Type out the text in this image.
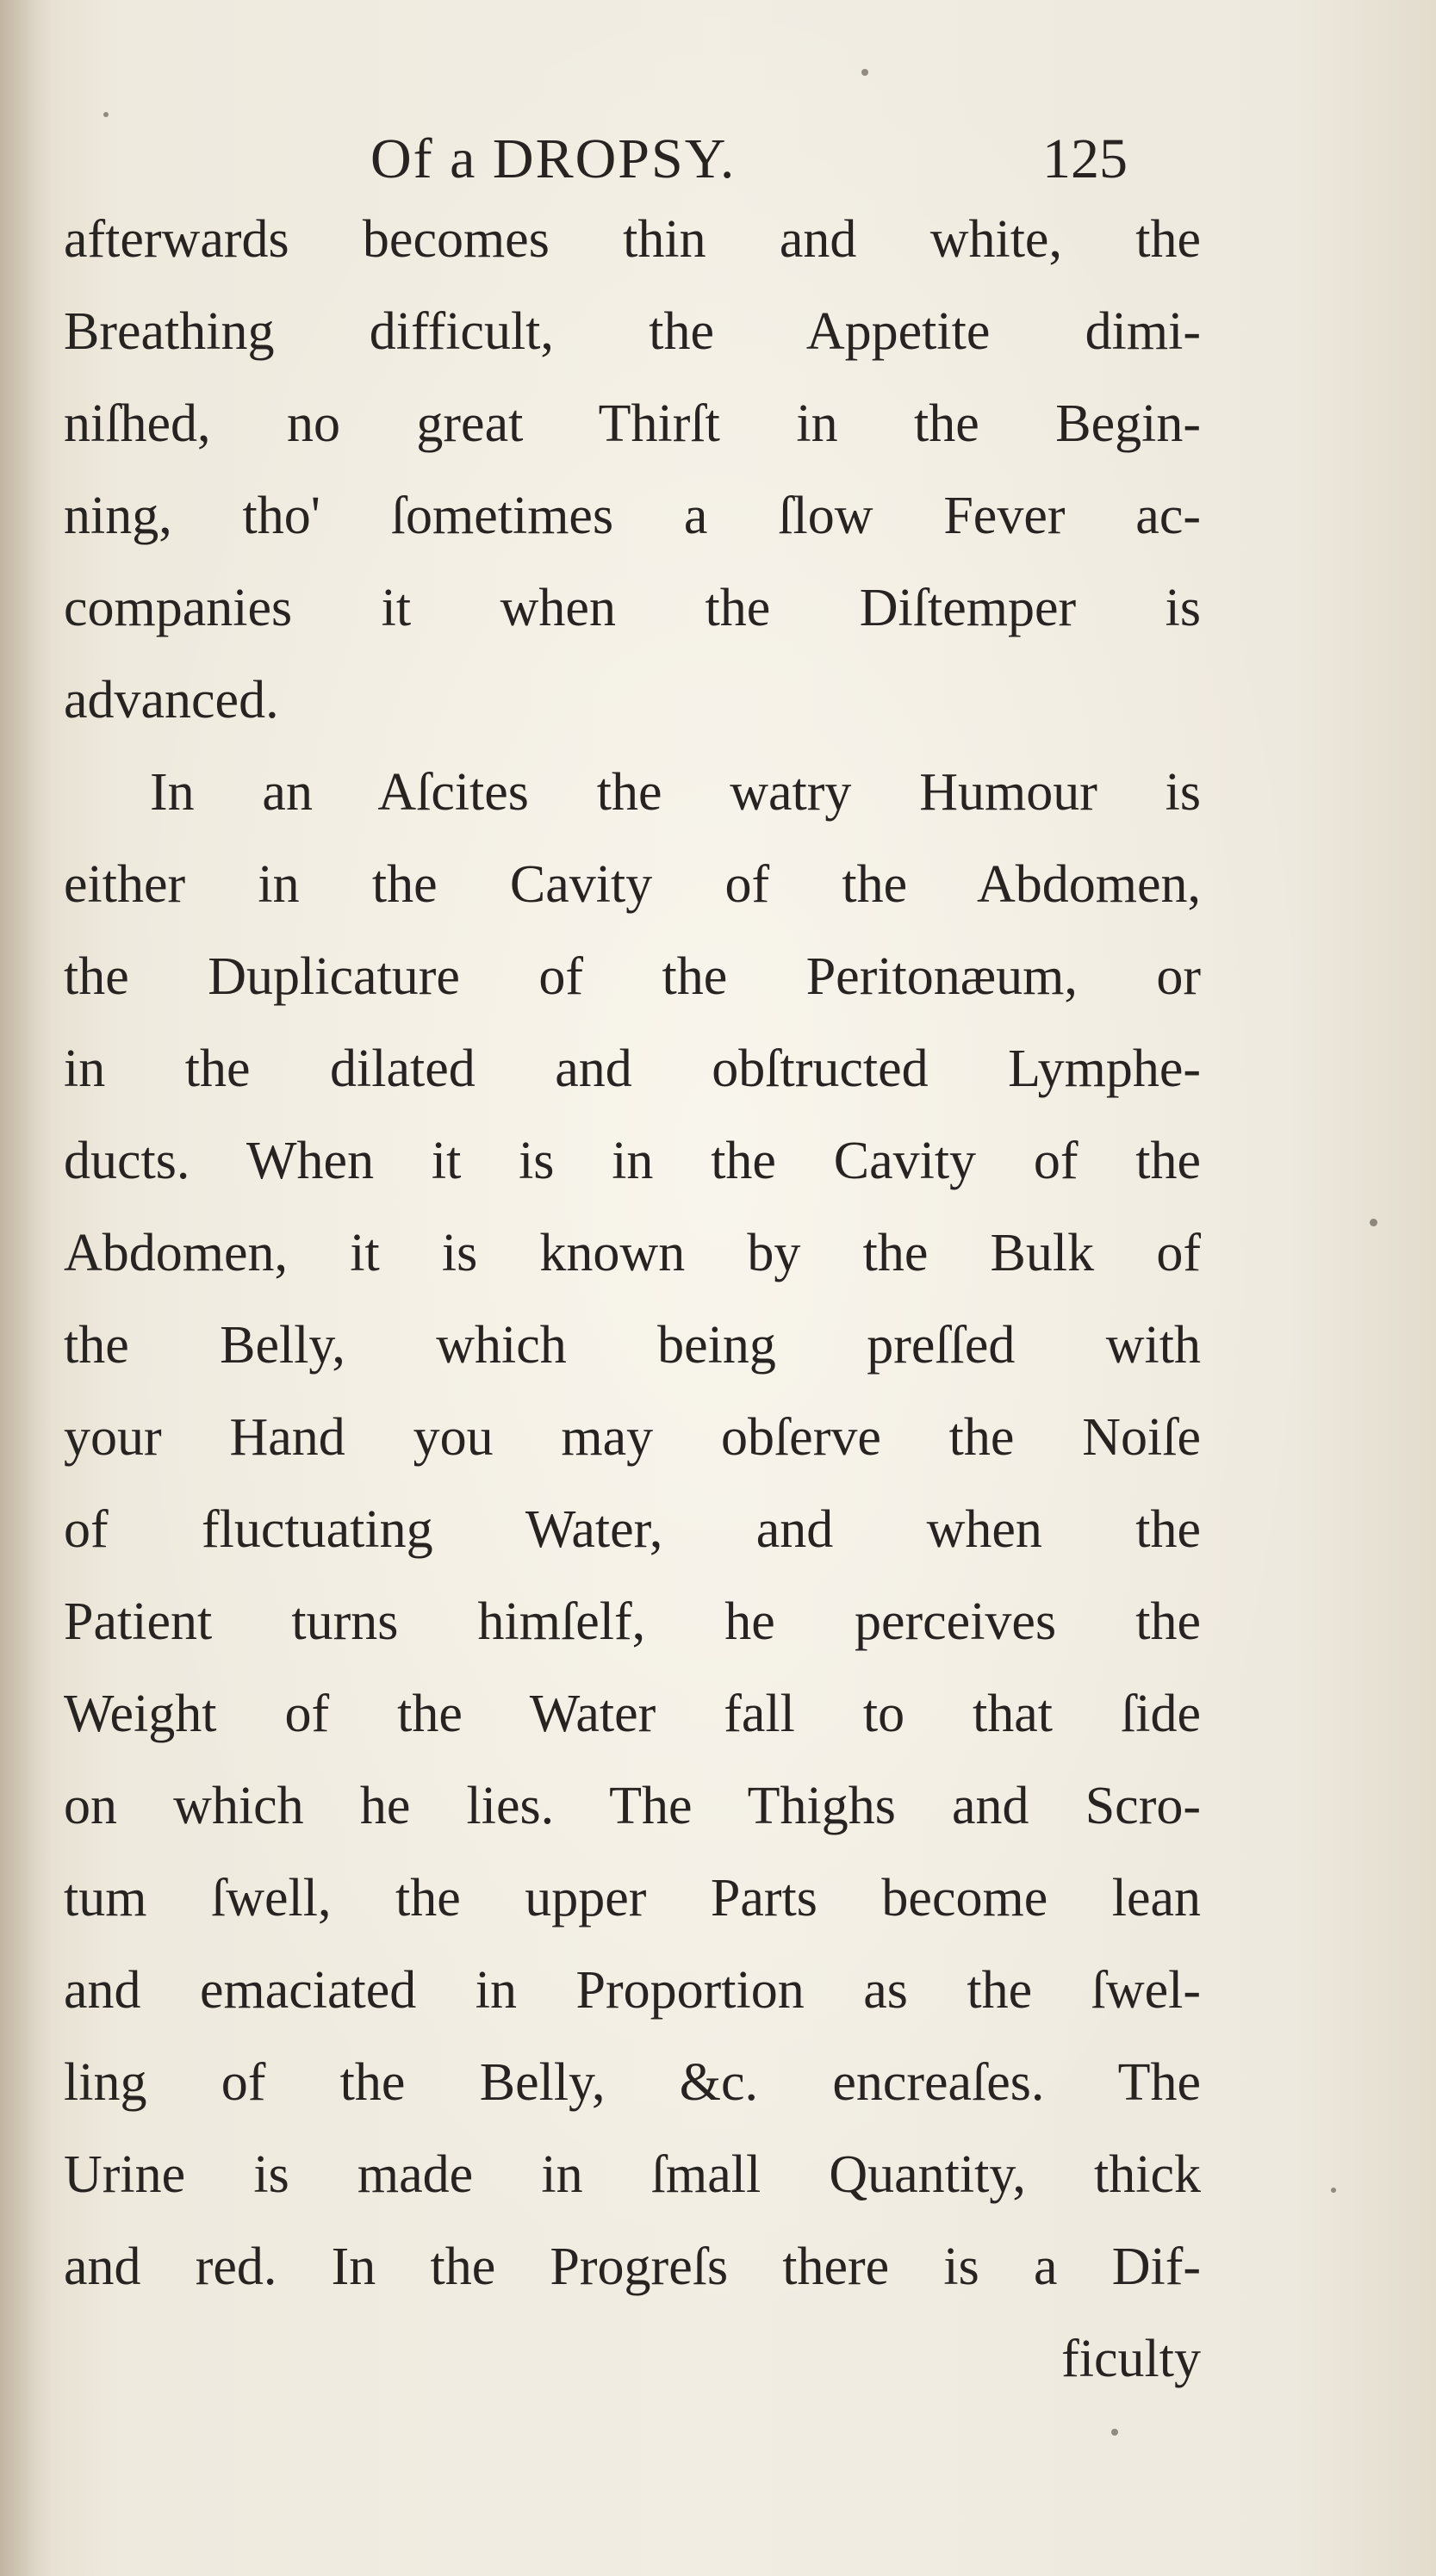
Of a DROPSY.	125
afterwards becomes thin and white, the
Breathing difficult, the Appetite dimi-
niſhed, no great Thirſt in the Begin-
ning, tho' ſometimes a ſlow Fever ac-
companies it when the Diſtemper is
advanced.
In an Aſcites the watry Humour is
either in the Cavity of the Abdomen,
the Duplicature of the Peritonæum, or
in the dilated and obſtructed Lymphe-
ducts. When it is in the Cavity of the
Abdomen, it is known by the Bulk of
the Belly, which being preſſed with
your Hand you may obſerve the Noiſe
of fluctuating Water, and when the
Patient turns himſelf, he perceives the
Weight of the Water fall to that ſide
on which he lies. The Thighs and Scro-
tum ſwell, the upper Parts become lean
and emaciated in Proportion as the ſwel-
ling of the Belly, &c. encreaſes. The
Urine is made in ſmall Quantity, thick
and red. In the Progreſs there is a Dif-
ficulty
